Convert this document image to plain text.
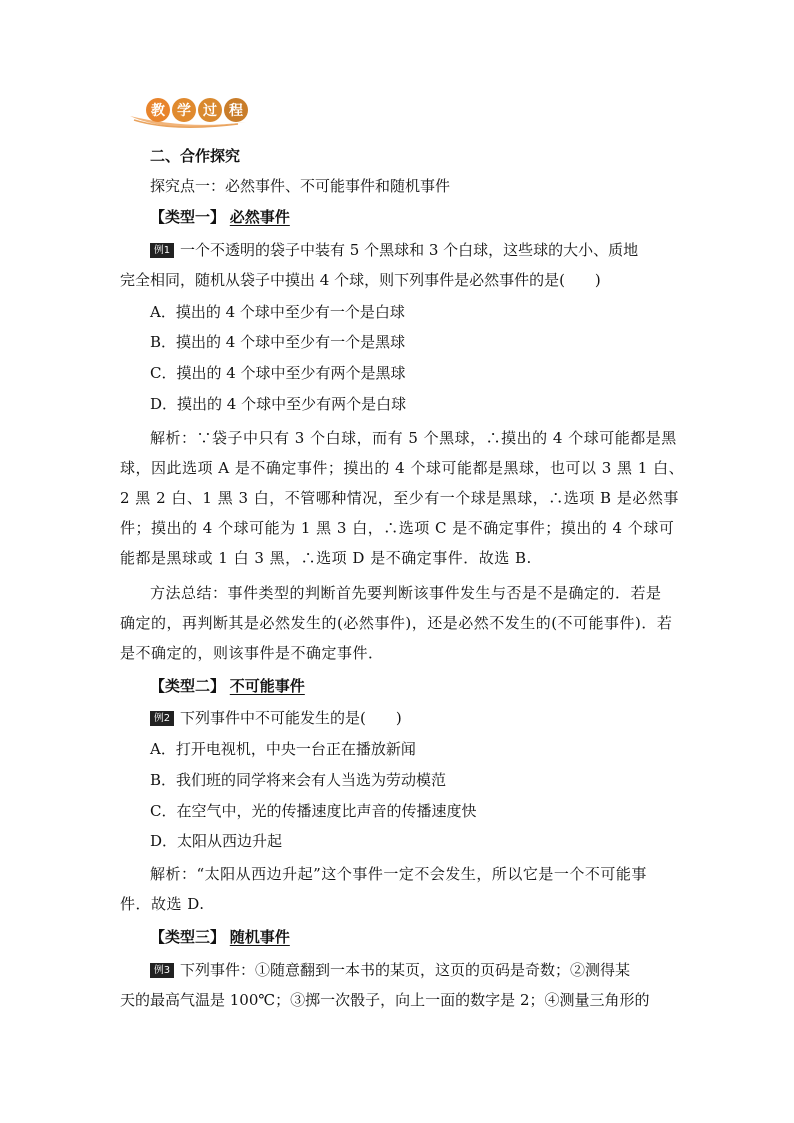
教 学 过 程
二、合作探究
探究点一：必然事件、不可能事件和随机事件
【类型一】 必然事件
例1 一个不透明的袋子中装有 5 个黑球和 3 个白球，这些球的大小、质地
完全相同，随机从袋子中摸出 4 个球，则下列事件是必然事件的是(　　)
A．摸出的 4 个球中至少有一个是白球
B．摸出的 4 个球中至少有一个是黑球
C．摸出的 4 个球中至少有两个是黑球
D．摸出的 4 个球中至少有两个是白球
解析：∵袋子中只有 3 个白球，而有 5 个黑球，∴摸出的 4 个球可能都是黑
球，因此选项 A 是不确定事件；摸出的 4 个球可能都是黑球，也可以 3 黑 1 白、
2 黑 2 白、1 黑 3 白，不管哪种情况，至少有一个球是黑球，∴选项 B 是必然事
件；摸出的 4 个球可能为 1 黑 3 白，∴选项 C 是不确定事件；摸出的 4 个球可
能都是黑球或 1 白 3 黑，∴选项 D 是不确定事件．故选 B.
方法总结：事件类型的判断首先要判断该事件发生与否是不是确定的．若是
确定的，再判断其是必然发生的(必然事件)，还是必然不发生的(不可能事件)．若
是不确定的，则该事件是不确定事件．
【类型二】 不可能事件
例2 下列事件中不可能发生的是(　　)
A．打开电视机，中央一台正在播放新闻
B．我们班的同学将来会有人当选为劳动模范
C．在空气中，光的传播速度比声音的传播速度快
D．太阳从西边升起
解析：“太阳从西边升起”这个事件一定不会发生，所以它是一个不可能事
件．故选 D.
【类型三】 随机事件
例3 下列事件：①随意翻到一本书的某页，这页的页码是奇数；②测得某
天的最高气温是 100℃；③掷一次骰子，向上一面的数字是 2；④测量三角形的
